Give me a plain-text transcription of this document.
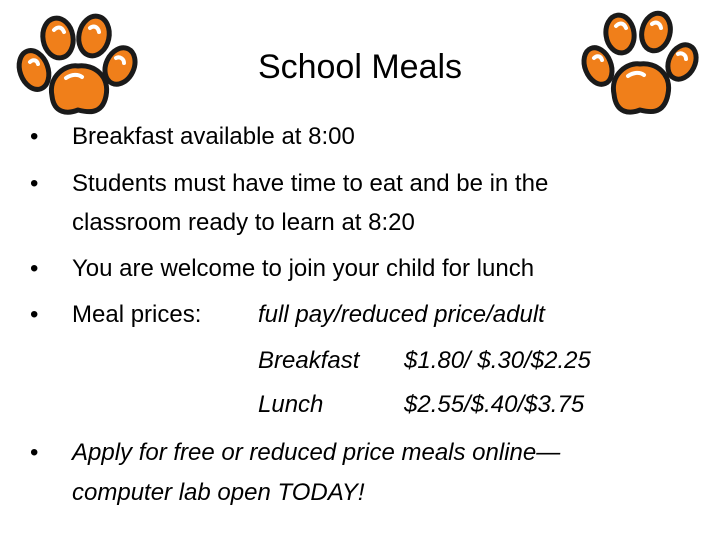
School Meals
• Breakfast available at 8:00
• Students must have time to eat and be in the
classroom ready to learn at 8:20
• You are welcome to join your child for lunch
• Meal prices: full pay/reduced price/adult
Breakfast $1.80/ $.30/$2.25
Lunch	$2.55/$.40/$3.75
• Apply for free or reduced price meals online—
computer lab open TODAY!
